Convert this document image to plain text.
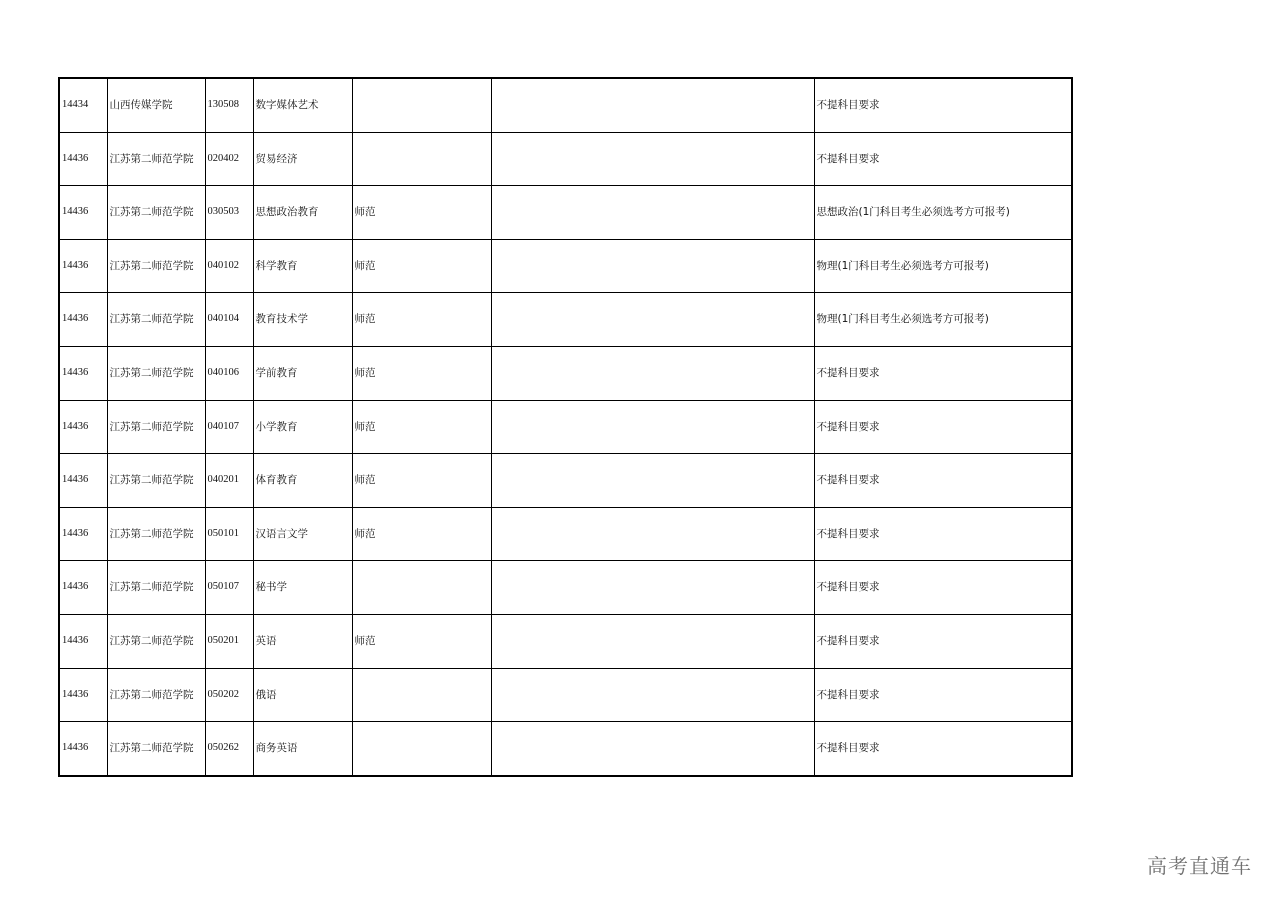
14434	山西传媒学院	130508	数字媒体艺术			不提科目要求
14436	江苏第二师范学院	020402	贸易经济			不提科目要求
14436	江苏第二师范学院	030503	思想政治教育	师范		思想政治(1门科目考生必须选考方可报考)
14436	江苏第二师范学院	040102	科学教育	师范		物理(1门科目考生必须选考方可报考)
14436	江苏第二师范学院	040104	教育技术学	师范		物理(1门科目考生必须选考方可报考)
14436	江苏第二师范学院	040106	学前教育	师范		不提科目要求
14436	江苏第二师范学院	040107	小学教育	师范		不提科目要求
14436	江苏第二师范学院	040201	体育教育	师范		不提科目要求
14436	江苏第二师范学院	050101	汉语言文学	师范		不提科目要求
14436	江苏第二师范学院	050107	秘书学			不提科目要求
14436	江苏第二师范学院	050201	英语	师范		不提科目要求
14436	江苏第二师范学院	050202	俄语			不提科目要求
14436	江苏第二师范学院	050262	商务英语			不提科目要求
高考直通车
